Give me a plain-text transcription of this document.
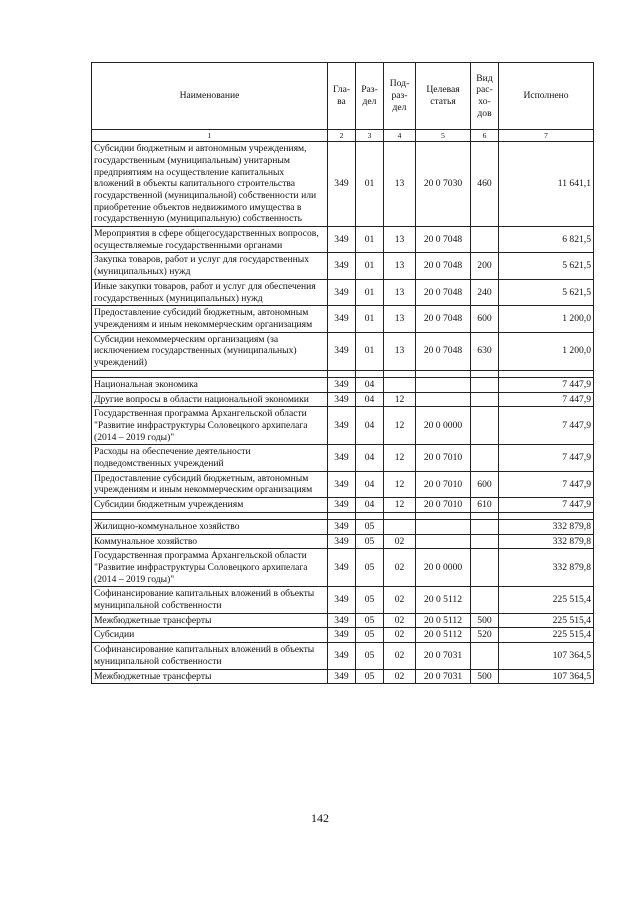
Наименование	Гла-ва	Раз-дел	Под-раз-дел	Целевая статья	Вид рас-хо-дов	Исполнено
1	2	3	4	5	6	7
Субсидии бюджетным и автономным учреждениям, государственным (муниципальным) унитарным предприятиям на осуществление капитальных вложений в объекты капитального строительства государственной (муниципальной) собственности или приобретение объектов недвижимого имущества в государственную (муниципальную) собственность	349	01	13	20 0 7030	460	11 641,1
Мероприятия в сфере общегосударственных вопросов, осуществляемые государственными органами	349	01	13	20 0 7048		6 821,5
Закупка товаров, работ и услуг для государственных (муниципальных) нужд	349	01	13	20 0 7048	200	5 621,5
Иные закупки товаров, работ и услуг для обеспечения государственных (муниципальных) нужд	349	01	13	20 0 7048	240	5 621,5
Предоставление субсидий бюджетным, автономным учреждениям и иным некоммерческим организациям	349	01	13	20 0 7048	600	1 200,0
Субсидии некоммерческим организациям (за исключением государственных (муниципальных) учреждений)	349	01	13	20 0 7048	630	1 200,0

Национальная экономика	349	04				7 447,9
Другие вопросы в области национальной экономики	349	04	12			7 447,9
Государственная программа Архангельской области "Развитие инфраструктуры Соловецкого архипелага (2014 – 2019 годы)"	349	04	12	20 0 0000		7 447,9
Расходы на обеспечение деятельности подведомственных учреждений	349	04	12	20 0 7010		7 447,9
Предоставление субсидий бюджетным, автономным учреждениям и иным некоммерческим организациям	349	04	12	20 0 7010	600	7 447,9
Субсидии бюджетным учреждениям	349	04	12	20 0 7010	610	7 447,9

Жилищно-коммунальное хозяйство	349	05				332 879,8
Коммунальное хозяйство	349	05	02			332 879,8
Государственная программа Архангельской области "Развитие инфраструктуры Соловецкого архипелага (2014 – 2019 годы)"	349	05	02	20 0 0000		332 879,8
Софинансирование капитальных вложений в объекты муниципальной собственности	349	05	02	20 0 5112		225 515,4
Межбюджетные трансферты	349	05	02	20 0 5112	500	225 515,4
Субсидии	349	05	02	20 0 5112	520	225 515,4
Софинансирование капитальных вложений в объекты муниципальной собственности	349	05	02	20 0 7031		107 364,5
Межбюджетные трансферты	349	05	02	20 0 7031	500	107 364,5
142
